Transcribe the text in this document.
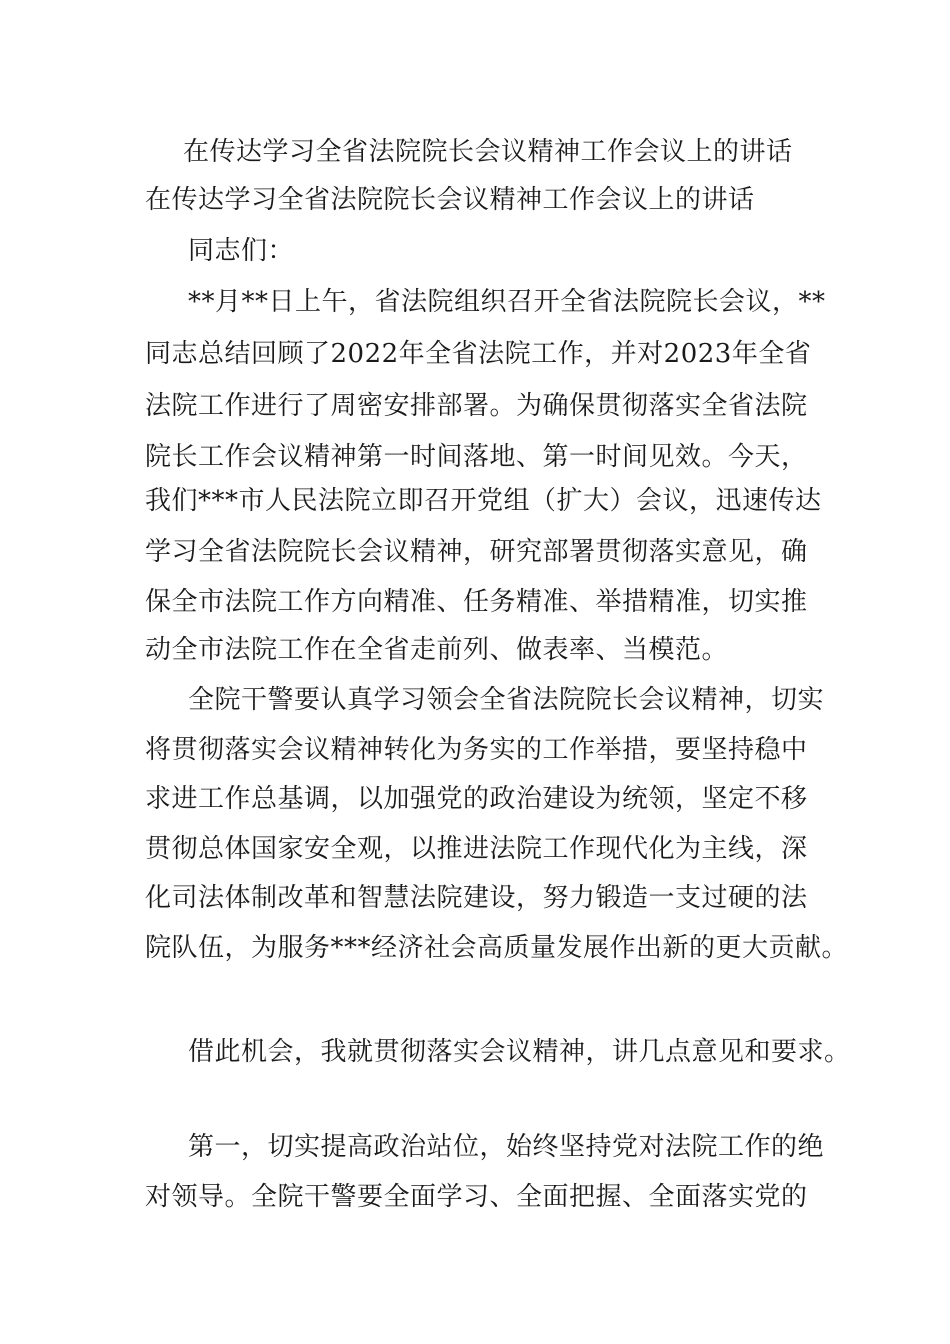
在传达学习全省法院院长会议精神工作会议上的讲话
在传达学习全省法院院长会议精神工作会议上的讲话
同志们：
**月**日上午，省法院组织召开全省法院院长会议，**
同志总结回顾了2022年全省法院工作，并对2023年全省
法院工作进行了周密安排部署。为确保贯彻落实全省法院
院长工作会议精神第一时间落地、第一时间见效。今天，
我们***市人民法院立即召开党组（扩大）会议，迅速传达
学习全省法院院长会议精神，研究部署贯彻落实意见，确
保全市法院工作方向精准、任务精准、举措精准，切实推
动全市法院工作在全省走前列、做表率、当模范。
全院干警要认真学习领会全省法院院长会议精神，切实
将贯彻落实会议精神转化为务实的工作举措，要坚持稳中
求进工作总基调，以加强党的政治建设为统领，坚定不移
贯彻总体国家安全观，以推进法院工作现代化为主线，深
化司法体制改革和智慧法院建设，努力锻造一支过硬的法
院队伍，为服务***经济社会高质量发展作出新的更大贡献。
借此机会，我就贯彻落实会议精神，讲几点意见和要求。
第一，切实提高政治站位，始终坚持党对法院工作的绝
对领导。全院干警要全面学习、全面把握、全面落实党的
